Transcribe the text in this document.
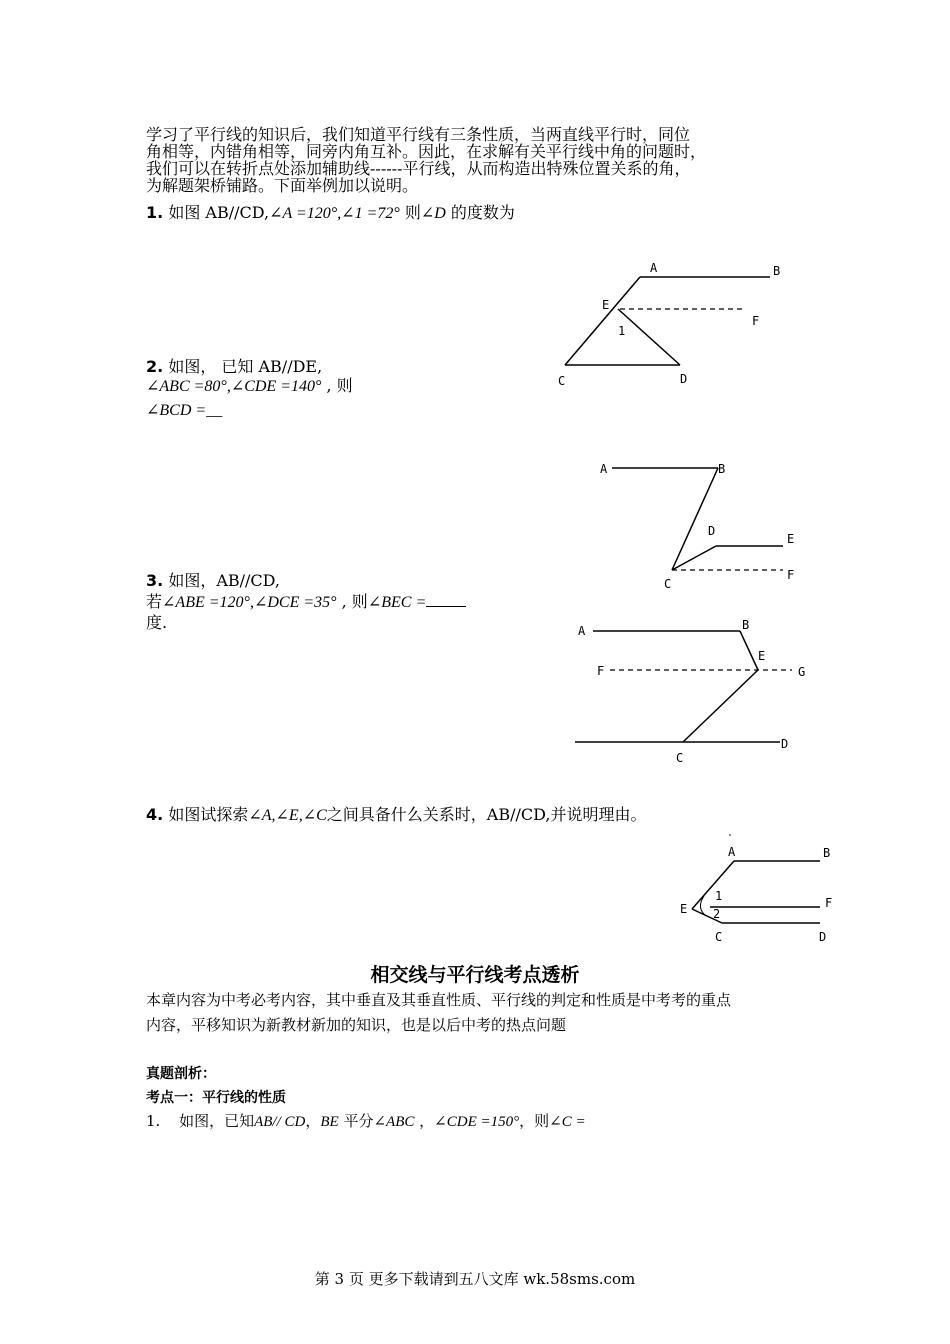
学习了平行线的知识后，我们知道平行线有三条性质，当两直线平行时，同位
角相等，内错角相等，同旁内角互补。因此，在求解有关平行线中角的问题时，
我们可以在转折点处添加辅助线------平行线，从而构造出特殊位置关系的角，
为解题架桥铺路。下面举例加以说明。
1. 如图 AB//CD,∠A =120°,∠1 =72° 则∠D 的度数为
A	B
E
F
1
C	D
2. 如图， 已知 AB//DE,
∠ABC =80°,∠CDE =140° , 则
∠BCD =__
A	B
D
E
C
F
3. 如图，AB//CD,
若∠ABE =120°,∠DCE =35° , 则∠BEC =
度.	A	B
E
F	G
C
D
4. 如图试探索∠A,∠E,∠C之间具备什么关系时，AB//CD,并说明理由。
A	B
1	F
E 2
C	D
相交线与平行线考点透析
本章内容为中考必考内容，其中垂直及其垂直性质、平行线的判定和性质是中考考的重点
内容，平移知识为新教材新加的知识，也是以后中考的热点问题
真题剖析：
考点一：平行线的性质
1. 如图，已知AB// CD，BE 平分∠ABC ，∠CDE =150°，则∠C =
第 3 页 更多下载请到五八文库 wk.58sms.com
